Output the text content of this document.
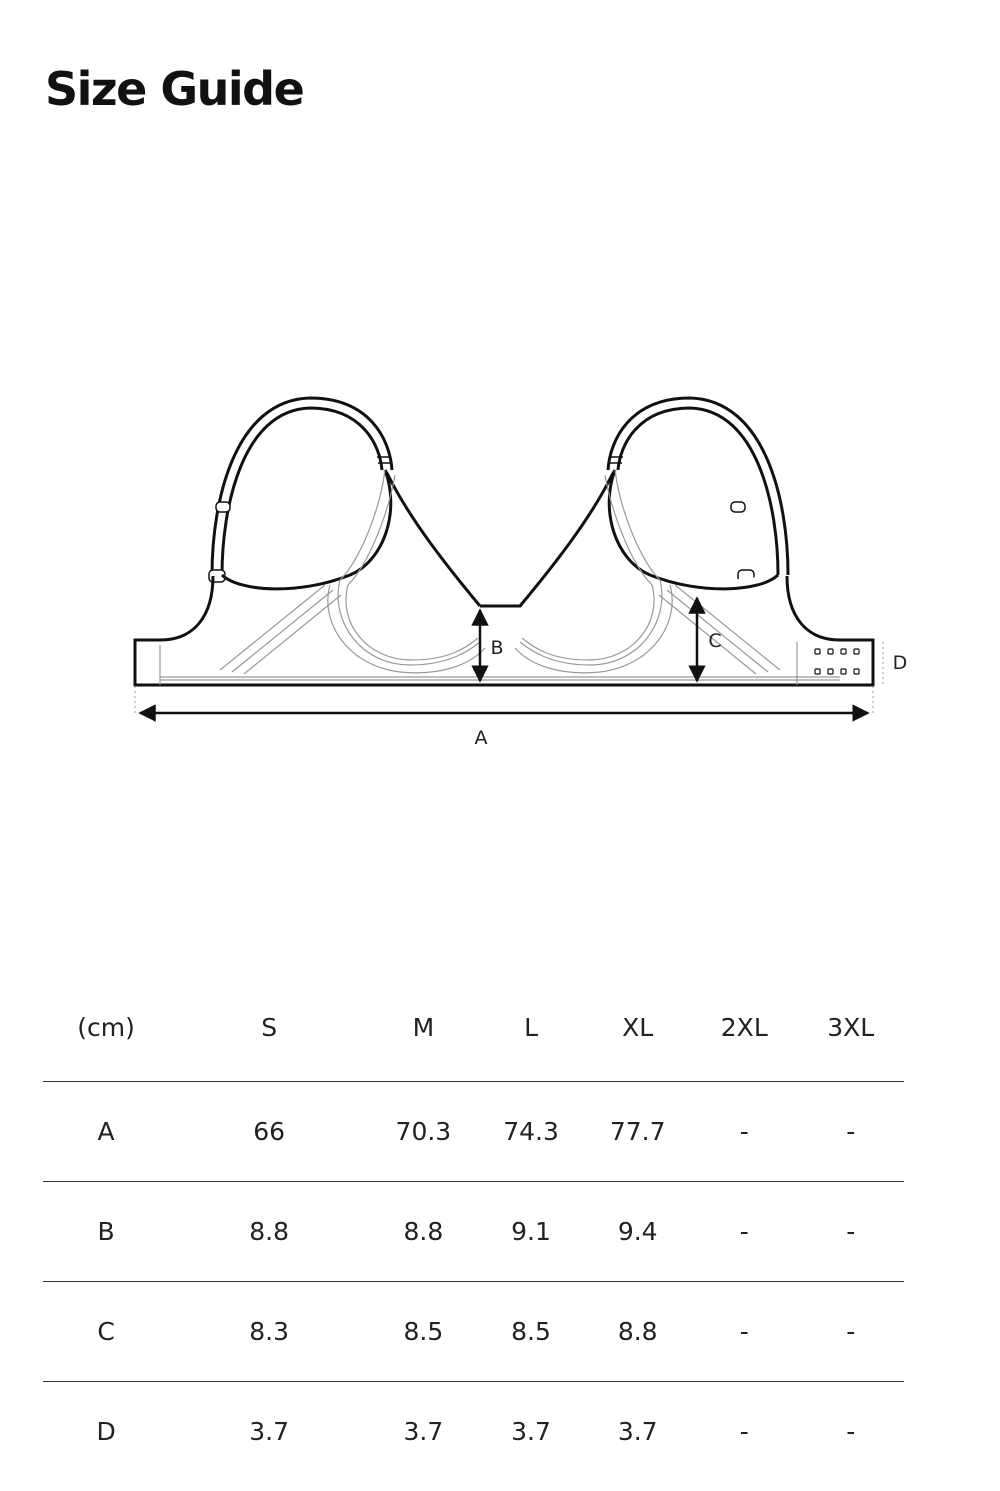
Size Guide
A
B	C
D
(cm)	S	M	L	XL	2XL	3XL
A	66	70.3	74.3	77.7	-	-
B	8.8	8.8	9.1	9.4	-	-
C	8.3	8.5	8.5	8.8	-	-
D	3.7	3.7	3.7	3.7	-	-
